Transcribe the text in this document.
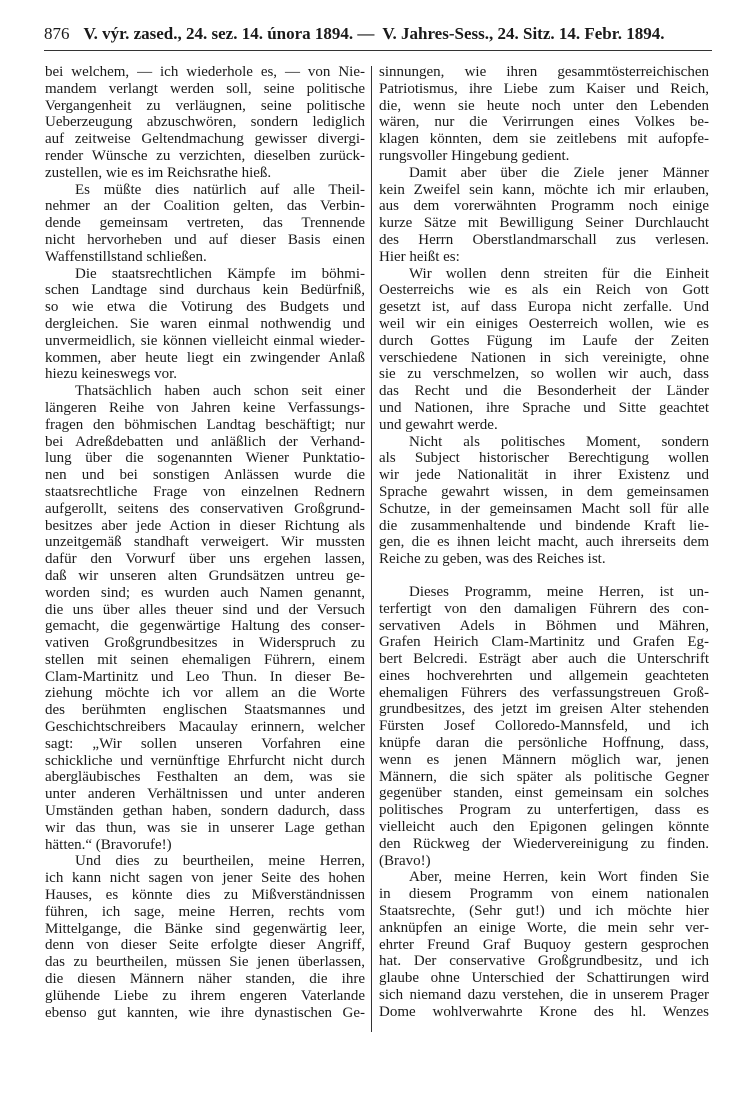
876 V. výr. zased., 24. sez. 14. února 1894. — V. Jahres-Sess., 24. Sitz. 14. Febr. 1894.
bei welchem, — ich wiederhole es, — von Nie-
mandem verlangt werden soll, seine politische
Vergangenheit zu verläugnen, seine politische
Ueberzeugung abzuschwören, sondern lediglich
auf zeitweise Geltendmachung gewisser divergi-
render Wünsche zu verzichten, dieselben zurück-
zustellen, wie es im Reichsrathe hieß.
Es müßte dies natürlich auf alle Theil-
nehmer an der Coalition gelten, das Verbin-
dende gemeinsam vertreten, das Trennende
nicht hervorheben und auf dieser Basis einen
Waffenstillstand schließen.
Die staatsrechtlichen Kämpfe im böhmi-
schen Landtage sind durchaus kein Bedürfniß,
so wie etwa die Votirung des Budgets und
dergleichen. Sie waren einmal nothwendig und
unvermeidlich, sie können vielleicht einmal wieder-
kommen, aber heute liegt ein zwingender Anlaß
hiezu keineswegs vor.
Thatsächlich haben auch schon seit einer
längeren Reihe von Jahren keine Verfassungs-
fragen den böhmischen Landtag beschäftigt; nur
bei Adreßdebatten und anläßlich der Verhand-
lung über die sogenannten Wiener Punktatio-
nen und bei sonstigen Anlässen wurde die
staatsrechtliche Frage von einzelnen Rednern
aufgerollt, seitens des conservativen Großgrund-
besitzes aber jede Action in dieser Richtung als
unzeitgemäß standhaft verweigert. Wir mussten
dafür den Vorwurf über uns ergehen lassen,
daß wir unseren alten Grundsätzen untreu ge-
worden sind; es wurden auch Namen genannt,
die uns über alles theuer sind und der Versuch
gemacht, die gegenwärtige Haltung des conser-
vativen Großgrundbesitzes in Widerspruch zu
stellen mit seinen ehemaligen Führern, einem
Clam-Martinitz und Leo Thun. In dieser Be-
ziehung möchte ich vor allem an die Worte
des berühmten englischen Staatsmannes und
Geschichtschreibers Macaulay erinnern, welcher
sagt: „Wir sollen unseren Vorfahren eine
schickliche und vernünftige Ehrfurcht nicht durch
abergläubisches Festhalten an dem, was sie
unter anderen Verhältnissen und unter anderen
Umständen gethan haben, sondern dadurch, dass
wir das thun, was sie in unserer Lage gethan
hätten.“ (Bravorufe!)
Und dies zu beurtheilen, meine Herren,
ich kann nicht sagen von jener Seite des hohen
Hauses, es könnte dies zu Mißverständnissen
führen, ich sage, meine Herren, rechts vom
Mittelgange, die Bänke sind gegenwärtig leer,
denn von dieser Seite erfolgte dieser Angriff,
das zu beurtheilen, müssen Sie jenen überlassen,
die diesen Männern näher standen, die ihre
glühende Liebe zu ihrem engeren Vaterlande
ebenso gut kannten, wie ihre dynastischen Ge-
sinnungen, wie ihren gesammtösterreichischen
Patriotismus, ihre Liebe zum Kaiser und Reich,
die, wenn sie heute noch unter den Lebenden
wären, nur die Verirrungen eines Volkes be-
klagen könnten, dem sie zeitlebens mit aufopfe-
rungsvoller Hingebung gedient.
Damit aber über die Ziele jener Männer
kein Zweifel sein kann, möchte ich mir erlauben,
aus dem vorerwähnten Programm noch einige
kurze Sätze mit Bewilligung Seiner Durchlaucht
des Herrn Oberstlandmarschall zus verlesen.
Hier heißt es:
Wir wollen denn streiten für die Einheit
Oesterreichs wie es als ein Reich von Gott
gesetzt ist, auf dass Europa nicht zerfalle. Und
weil wir ein einiges Oesterreich wollen, wie es
durch Gottes Fügung im Laufe der Zeiten
verschiedene Nationen in sich vereinigte, ohne
sie zu verschmelzen, so wollen wir auch, dass
das Recht und die Besonderheit der Länder
und Nationen, ihre Sprache und Sitte geachtet
und gewahrt werde.
Nicht als politisches Moment, sondern
als Subject historischer Berechtigung wollen
wir jede Nationalität in ihrer Existenz und
Sprache gewahrt wissen, in dem gemeinsamen
Schutze, in der gemeinsamen Macht soll für alle
die zusammenhaltende und bindende Kraft lie-
gen, die es ihnen leicht macht, auch ihrerseits dem
Reiche zu geben, was des Reiches ist.
Dieses Programm, meine Herren, ist un-
terfertigt von den damaligen Führern des con-
servativen Adels in Böhmen und Mähren,
Grafen Heirich Clam-Martinitz und Grafen Eg-
bert Belcredi. Esträgt aber auch die Unterschrift
eines hochverehrten und allgemein geachteten
ehemaligen Führers des verfassungstreuen Groß-
grundbesitzes, des jetzt im greisen Alter stehenden
Fürsten Josef Colloredo-Mannsfeld, und ich
knüpfe daran die persönliche Hoffnung, dass,
wenn es jenen Männern möglich war, jenen
Männern, die sich später als politische Gegner
gegenüber standen, einst gemeinsam ein solches
politisches Program zu unterfertigen, dass es
vielleicht auch den Epigonen gelingen könnte
den Rückweg der Wiedervereinigung zu finden.
(Bravo!)
Aber, meine Herren, kein Wort finden Sie
in diesem Programm von einem nationalen
Staatsrechte, (Sehr gut!) und ich möchte hier
anknüpfen an einige Worte, die mein sehr ver-
ehrter Freund Graf Buquoy gestern gesprochen
hat. Der conservative Großgrundbesitz, und ich
glaube ohne Unterschied der Schattirungen wird
sich niemand dazu verstehen, die in unserem Prager
Dome wohlverwahrte Krone des hl. Wenzes
